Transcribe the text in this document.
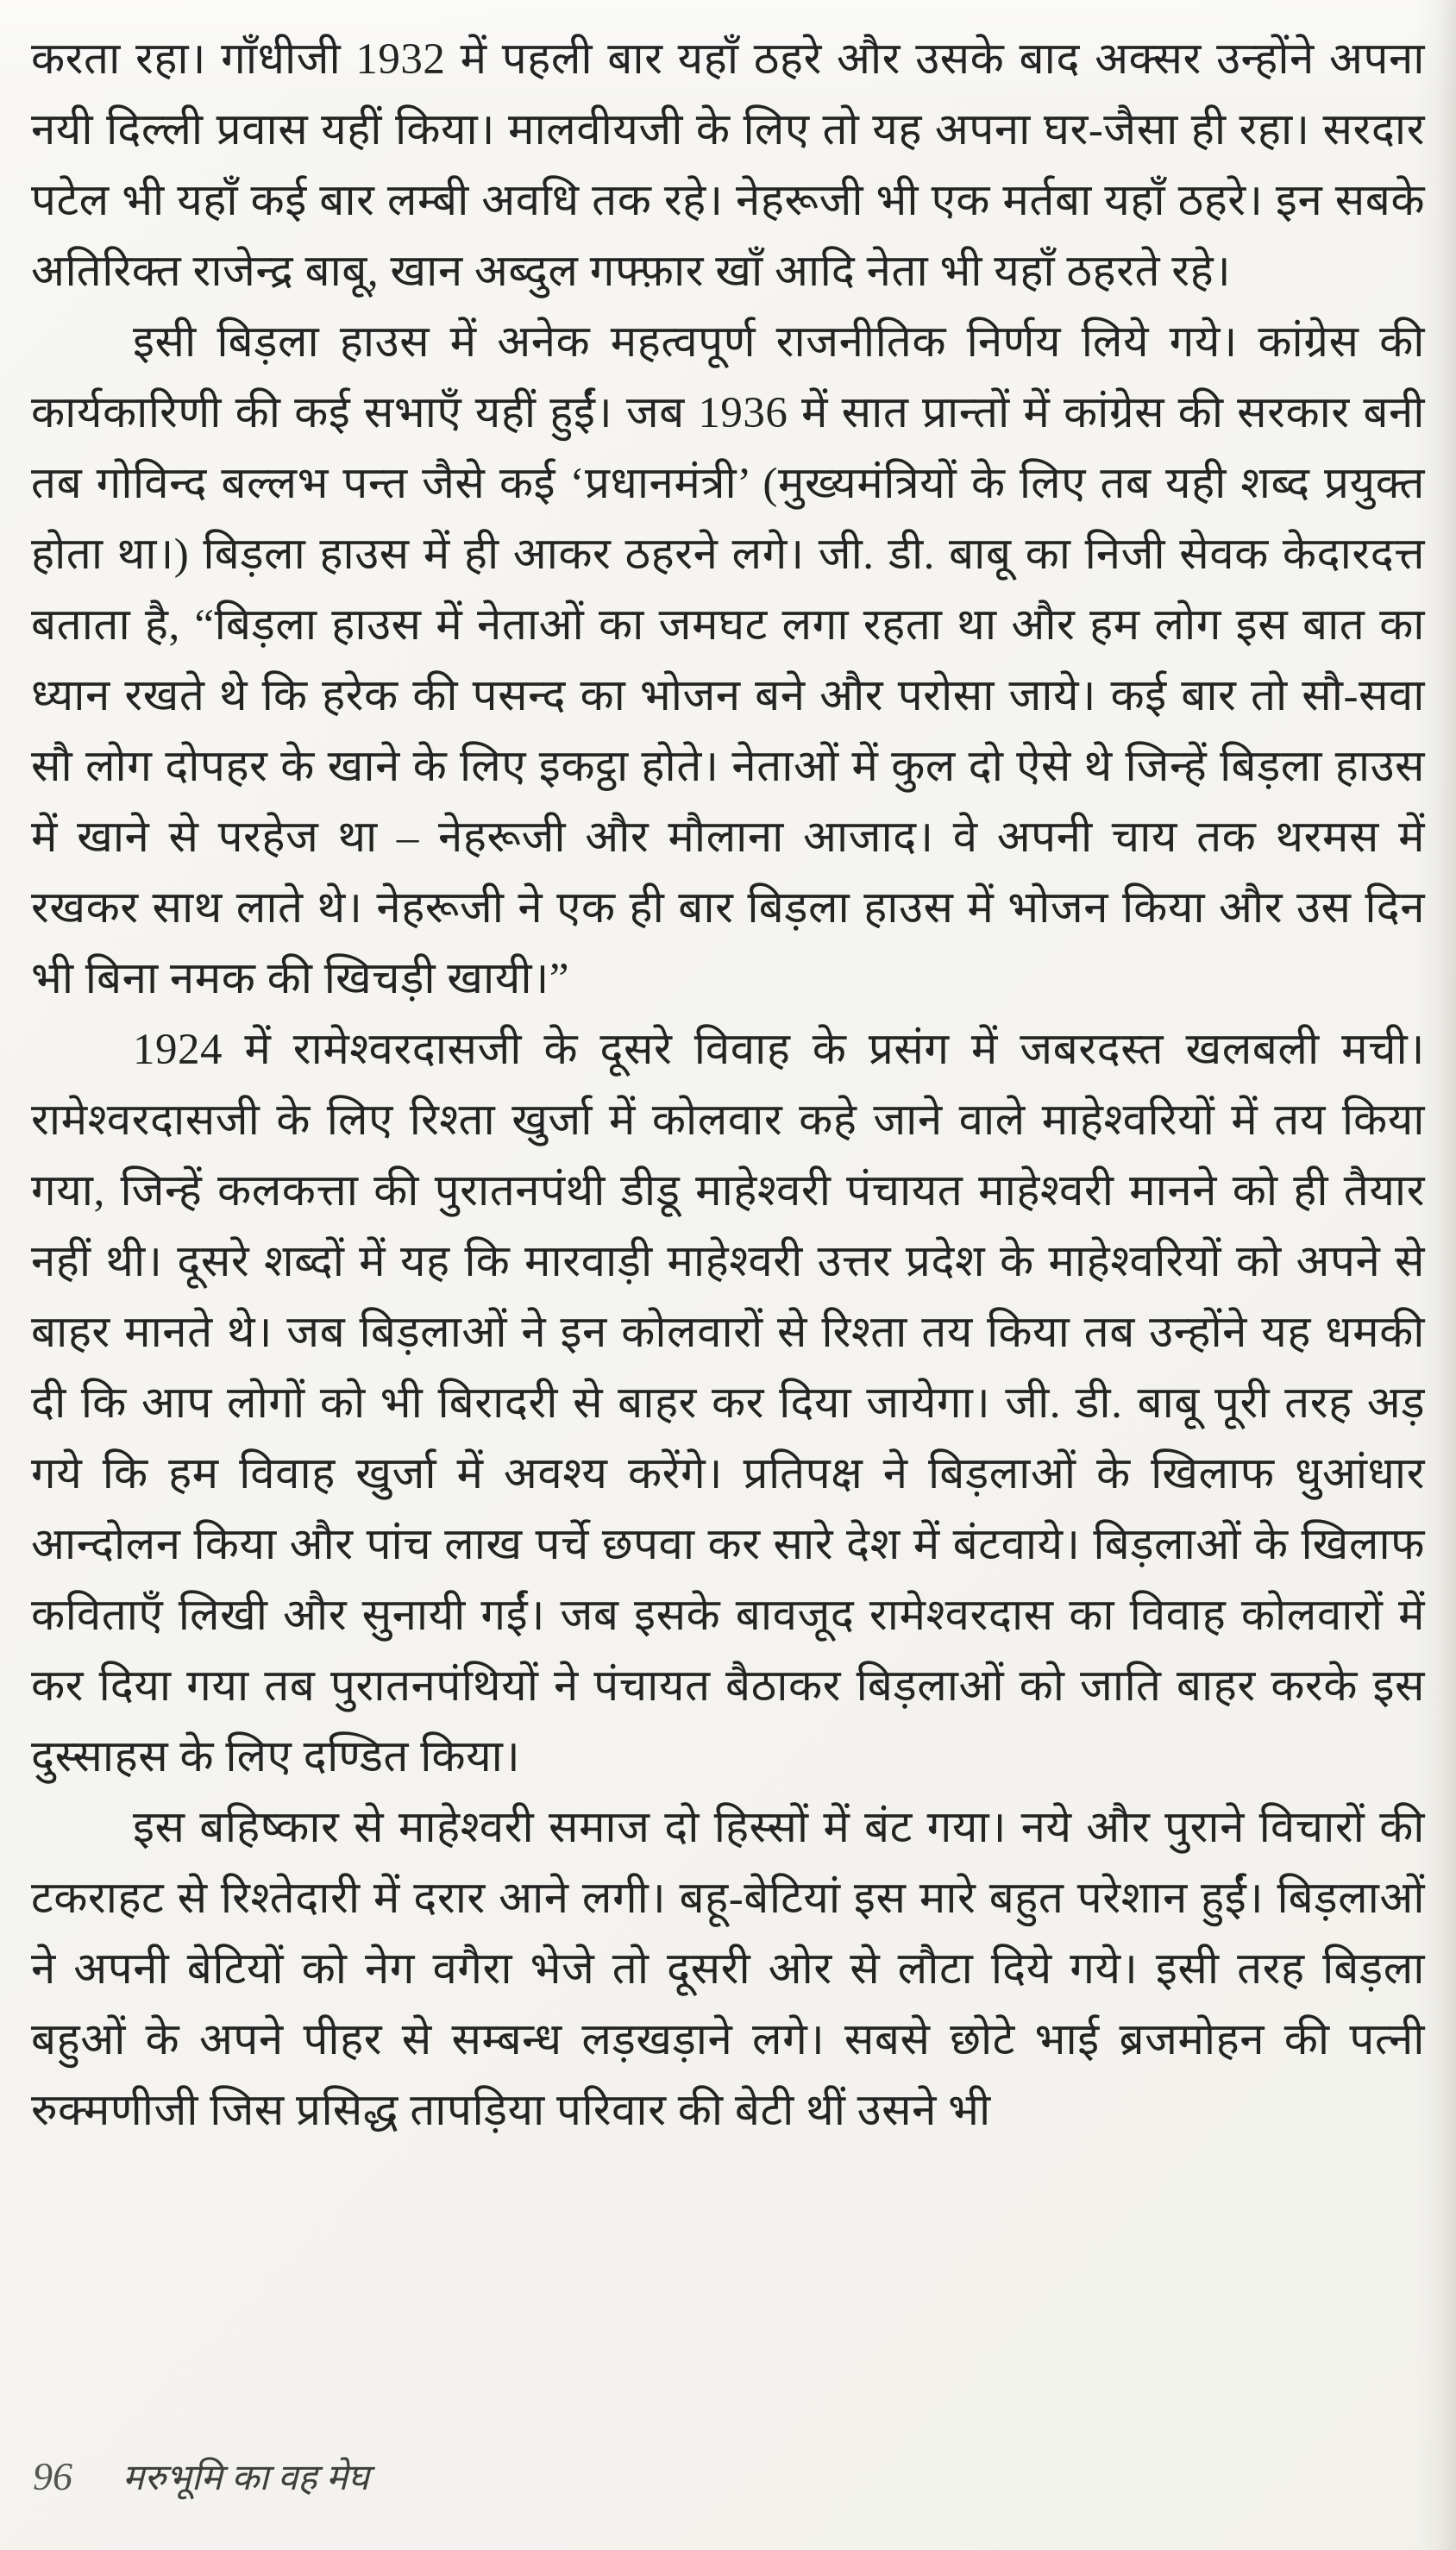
करता रहा। गाँधीजी 1932 में पहली बार यहाँ ठहरे और उसके बाद अक्सर उन्होंने अपना नयी दिल्ली प्रवास यहीं किया। मालवीयजी के लिए तो यह अपना घर-जैसा ही रहा। सरदार पटेल भी यहाँ कई बार लम्बी अवधि तक रहे। नेहरूजी भी एक मर्तबा यहाँ ठहरे। इन सबके अतिरिक्त राजेन्द्र बाबू, खान अब्दुल गफ्फ़ार खाँ आदि नेता भी यहाँ ठहरते रहे।

इसी बिड़ला हाउस में अनेक महत्वपूर्ण राजनीतिक निर्णय लिये गये। कांग्रेस की कार्यकारिणी की कई सभाएँ यहीं हुईं। जब 1936 में सात प्रान्तों में कांग्रेस की सरकार बनी तब गोविन्द बल्लभ पन्त जैसे कई ‘प्रधानमंत्री’ (मुख्यमंत्रियों के लिए तब यही शब्द प्रयुक्त होता था।) बिड़ला हाउस में ही आकर ठहरने लगे। जी. डी. बाबू का निजी सेवक केदारदत्त बताता है, “बिड़ला हाउस में नेताओं का जमघट लगा रहता था और हम लोग इस बात का ध्यान रखते थे कि हरेक की पसन्द का भोजन बने और परोसा जाये। कई बार तो सौ-सवा सौ लोग दोपहर के खाने के लिए इकट्ठा होते। नेताओं में कुल दो ऐसे थे जिन्हें बिड़ला हाउस में खाने से परहेज था – नेहरूजी और मौलाना आजाद। वे अपनी चाय तक थरमस में रखकर साथ लाते थे। नेहरूजी ने एक ही बार बिड़ला हाउस में भोजन किया और उस दिन भी बिना नमक की खिचड़ी खायी।”

1924 में रामेश्वरदासजी के दूसरे विवाह के प्रसंग में जबरदस्त खलबली मची। रामेश्वरदासजी के लिए रिश्ता खुर्जा में कोलवार कहे जाने वाले माहेश्वरियों में तय किया गया, जिन्हें कलकत्ता की पुरातनपंथी डीडू माहेश्वरी पंचायत माहेश्वरी मानने को ही तैयार नहीं थी। दूसरे शब्दों में यह कि मारवाड़ी माहेश्वरी उत्तर प्रदेश के माहेश्वरियों को अपने से बाहर मानते थे। जब बिड़लाओं ने इन कोलवारों से रिश्ता तय किया तब उन्होंने यह धमकी दी कि आप लोगों को भी बिरादरी से बाहर कर दिया जायेगा। जी. डी. बाबू पूरी तरह अड़ गये कि हम विवाह खुर्जा में अवश्य करेंगे। प्रतिपक्ष ने बिड़लाओं के खिलाफ धुआंधार आन्दोलन किया और पांच लाख पर्चे छपवा कर सारे देश में बंटवाये। बिड़लाओं के खिलाफ कविताएँ लिखी और सुनायी गईं। जब इसके बावजूद रामेश्वरदास का विवाह कोलवारों में कर दिया गया तब पुरातनपंथियों ने पंचायत बैठाकर बिड़लाओं को जाति बाहर करके इस दुस्साहस के लिए दण्डित किया।

इस बहिष्कार से माहेश्वरी समाज दो हिस्सों में बंट गया। नये और पुराने विचारों की टकराहट से रिश्तेदारी में दरार आने लगी। बहू-बेटियां इस मारे बहुत परेशान हुईं। बिड़लाओं ने अपनी बेटियों को नेग वगैरा भेजे तो दूसरी ओर से लौटा दिये गये। इसी तरह बिड़ला बहुओं के अपने पीहर से सम्बन्ध लड़खड़ाने लगे। सबसे छोटे भाई ब्रजमोहन की पत्नी रुक्मणीजी जिस प्रसिद्ध तापड़िया परिवार की बेटी थीं उसने भी

96 मरुभूमि का वह मेघ
